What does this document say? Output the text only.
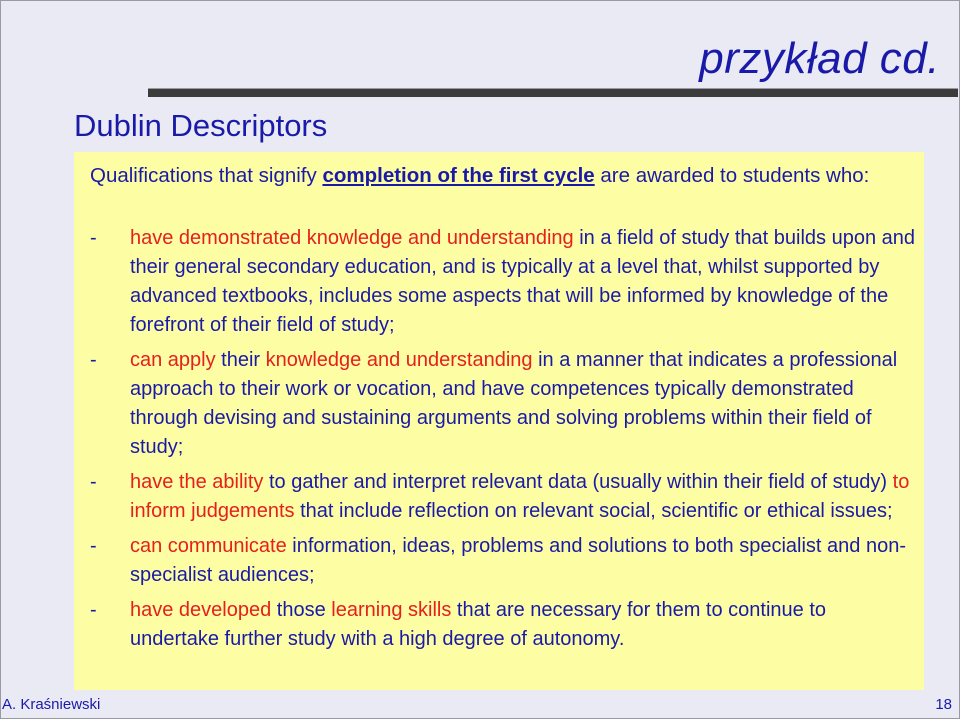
przykład cd.
Dublin Descriptors

Qualifications that signify completion of the first cycle are awarded to students who:

- have demonstrated knowledge and understanding in a field of study that builds upon and their general secondary education, and is typically at a level that, whilst supported by advanced textbooks, includes some aspects that will be informed by knowledge of the forefront of their field of study;
- can apply their knowledge and understanding in a manner that indicates a professional approach to their work or vocation, and have competences typically demonstrated through devising and sustaining arguments and solving problems within their field of study;
- have the ability to gather and interpret relevant data (usually within their field of study) to inform judgements that include reflection on relevant social, scientific or ethical issues;
- can communicate information, ideas, problems and solutions to both specialist and non-specialist audiences;
- have developed those learning skills that are necessary for them to continue to undertake further study with a high degree of autonomy.
A. Kraśniewski	18
